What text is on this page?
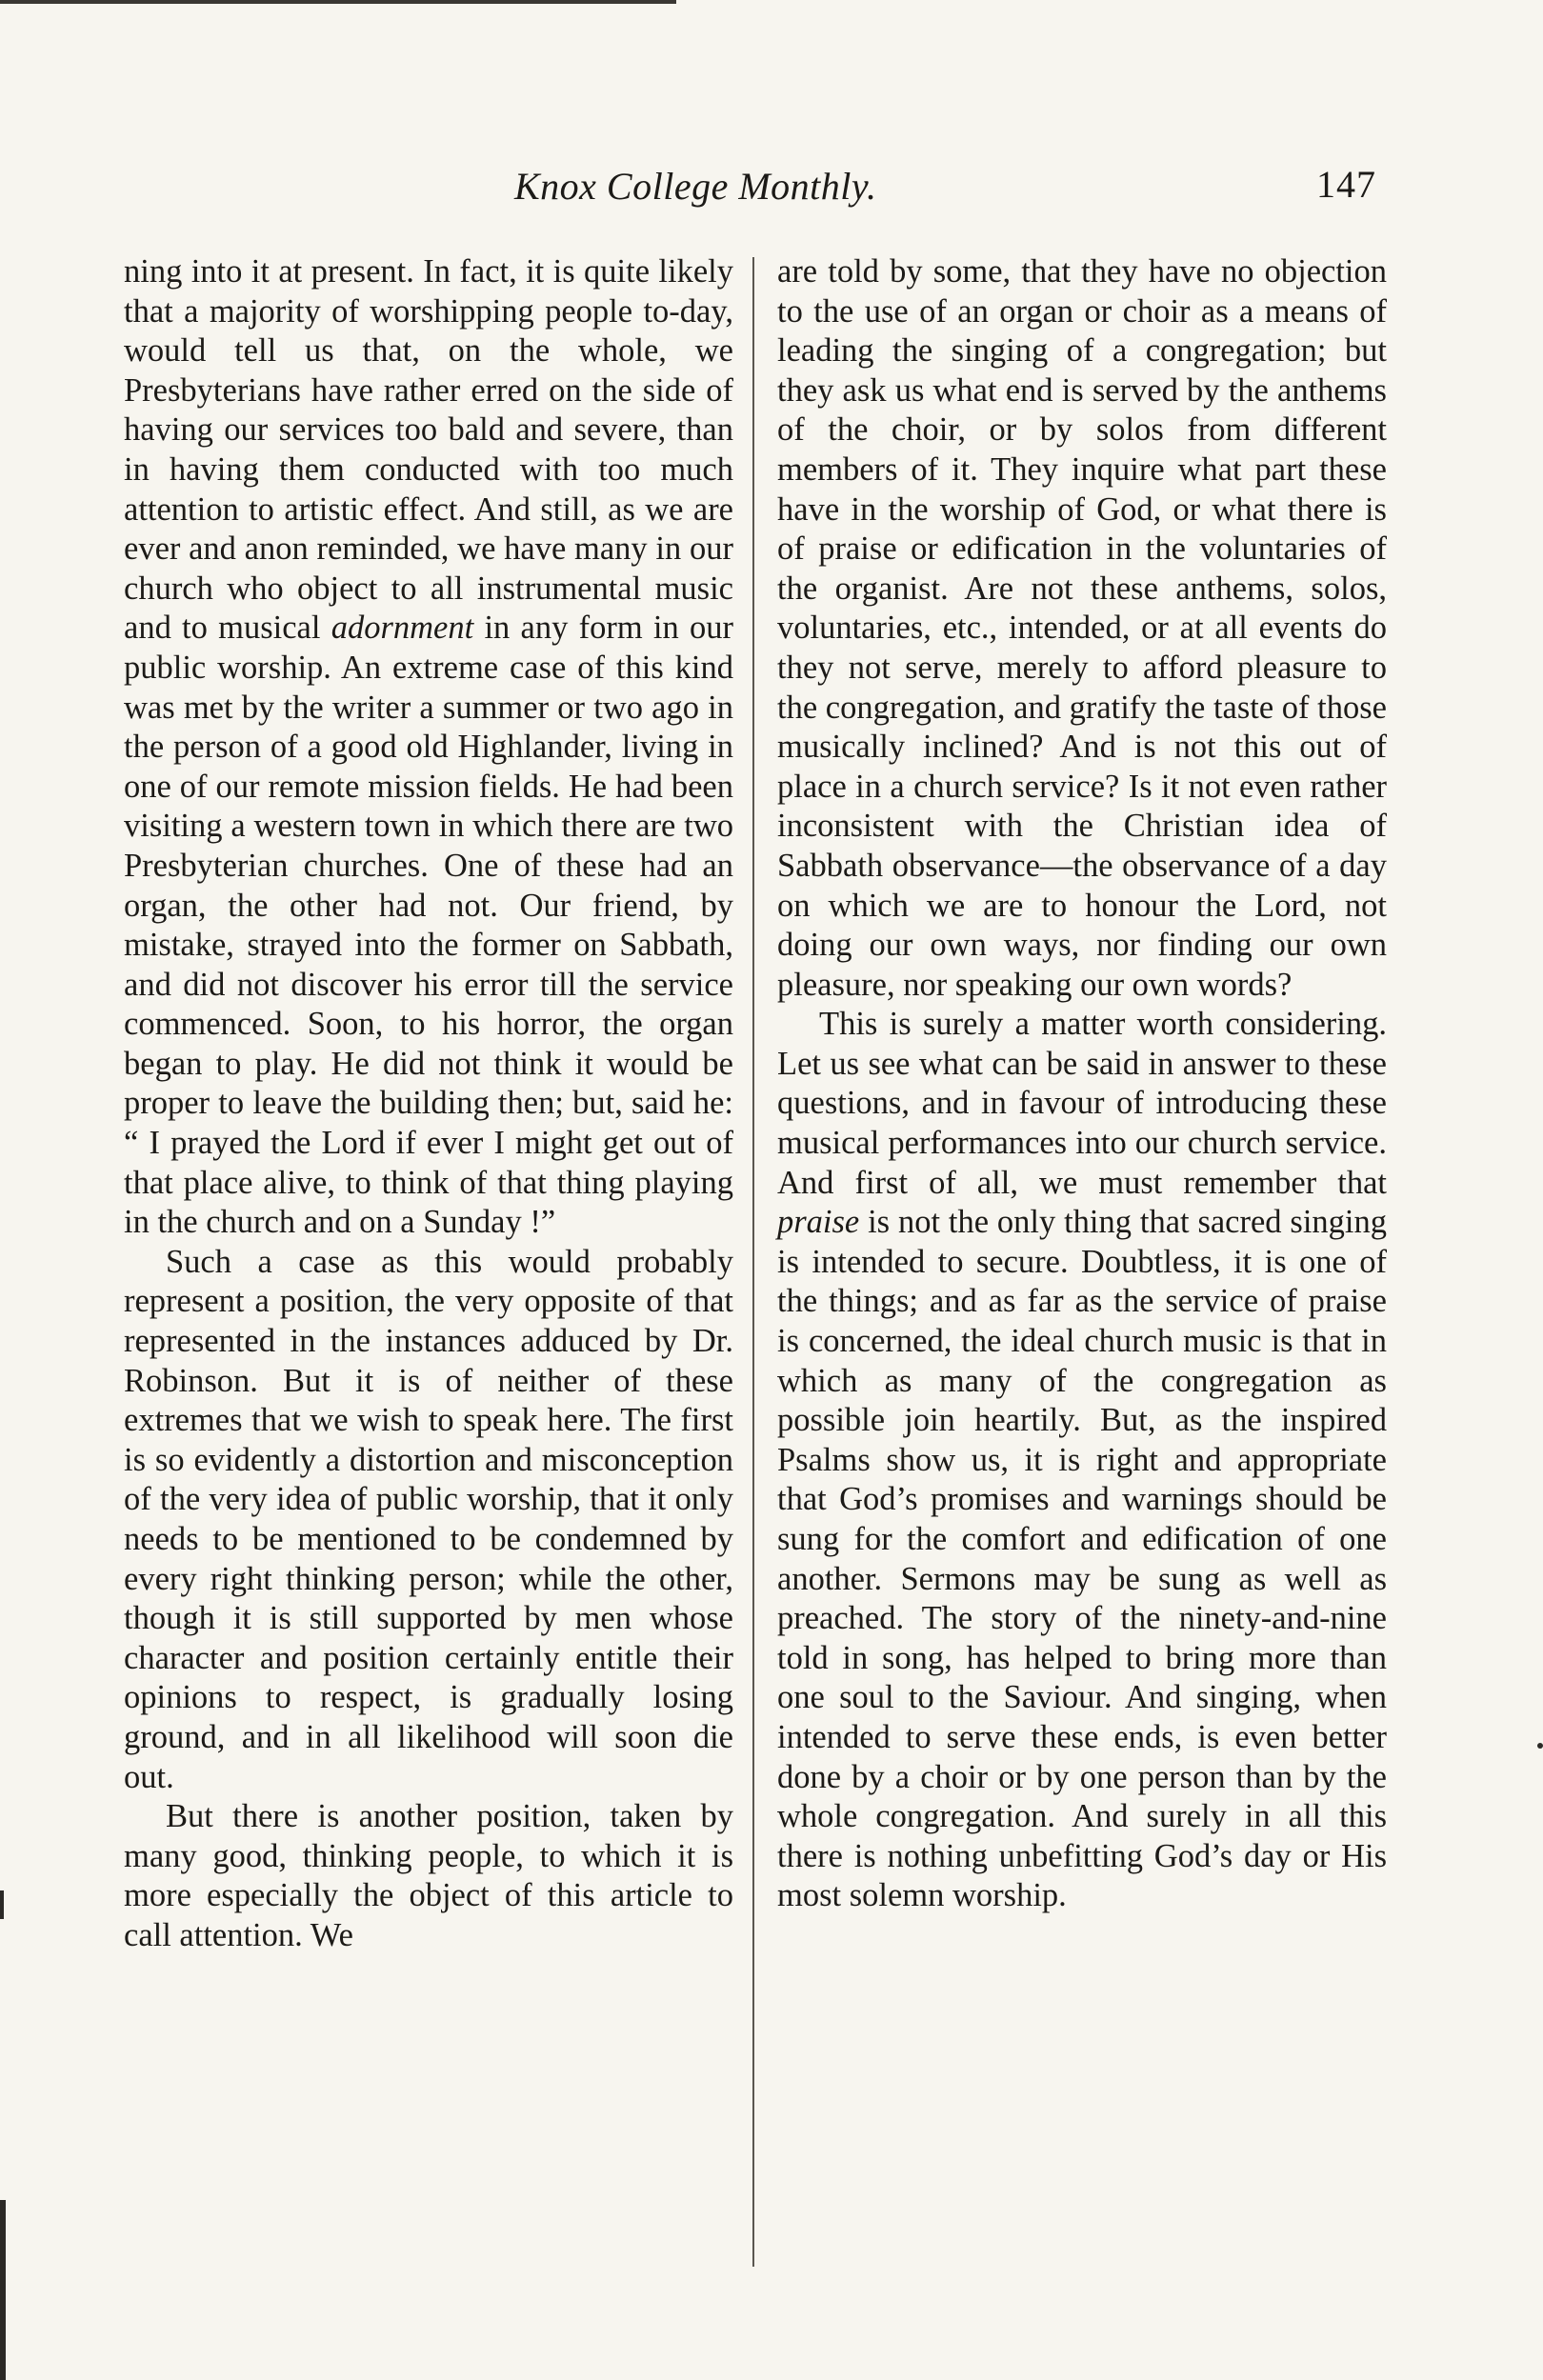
Knox College Monthly.	147

ning into it at present. In fact, it is quite likely that a majority of worshipping people to-day, would tell us that, on the whole, we Presbyterians have rather erred on the side of having our services too bald and severe, than in having them conducted with too much attention to artistic effect. And still, as we are ever and anon reminded, we have many in our church who object to all instrumental music and to musical adornment in any form in our public worship. An extreme case of this kind was met by the writer a summer or two ago in the person of a good old Highlander, living in one of our remote mission fields. He had been visiting a western town in which there are two Presbyterian churches. One of these had an organ, the other had not. Our friend, by mistake, strayed into the former on Sabbath, and did not discover his error till the service commenced. Soon, to his horror, the organ began to play. He did not think it would be proper to leave the building then; but, said he: “ I prayed the Lord if ever I might get out of that place alive, to think of that thing playing in the church and on a Sunday !”

Such a case as this would probably represent a position, the very opposite of that represented in the instances adduced by Dr. Robinson. But it is of neither of these extremes that we wish to speak here. The first is so evidently a distortion and misconception of the very idea of public worship, that it only needs to be mentioned to be condemned by every right thinking person; while the other, though it is still supported by men whose character and position certainly entitle their opinions to respect, is gradually losing ground, and in all likelihood will soon die out.

But there is another position, taken by many good, thinking people, to which it is more especially the object of this article to call attention. We

are told by some, that they have no objection to the use of an organ or choir as a means of leading the singing of a congregation; but they ask us what end is served by the anthems of the choir, or by solos from different members of it. They inquire what part these have in the worship of God, or what there is of praise or edification in the voluntaries of the organist. Are not these anthems, solos, voluntaries, etc., intended, or at all events do they not serve, merely to afford pleasure to the congregation, and gratify the taste of those musically inclined? And is not this out of place in a church service? Is it not even rather inconsistent with the Christian idea of Sabbath observance—the observance of a day on which we are to honour the Lord, not doing our own ways, nor finding our own pleasure, nor speaking our own words?

This is surely a matter worth considering. Let us see what can be said in answer to these questions, and in favour of introducing these musical performances into our church service. And first of all, we must remember that praise is not the only thing that sacred singing is intended to secure. Doubtless, it is one of the things; and as far as the service of praise is concerned, the ideal church music is that in which as many of the congregation as possible join heartily. But, as the inspired Psalms show us, it is right and appropriate that God’s promises and warnings should be sung for the comfort and edification of one another. Sermons may be sung as well as preached. The story of the ninety-and-nine told in song, has helped to bring more than one soul to the Saviour. And singing, when intended to serve these ends, is even better done by a choir or by one person than by the whole congregation. And surely in all this there is nothing unbefitting God’s day or His most solemn worship.
